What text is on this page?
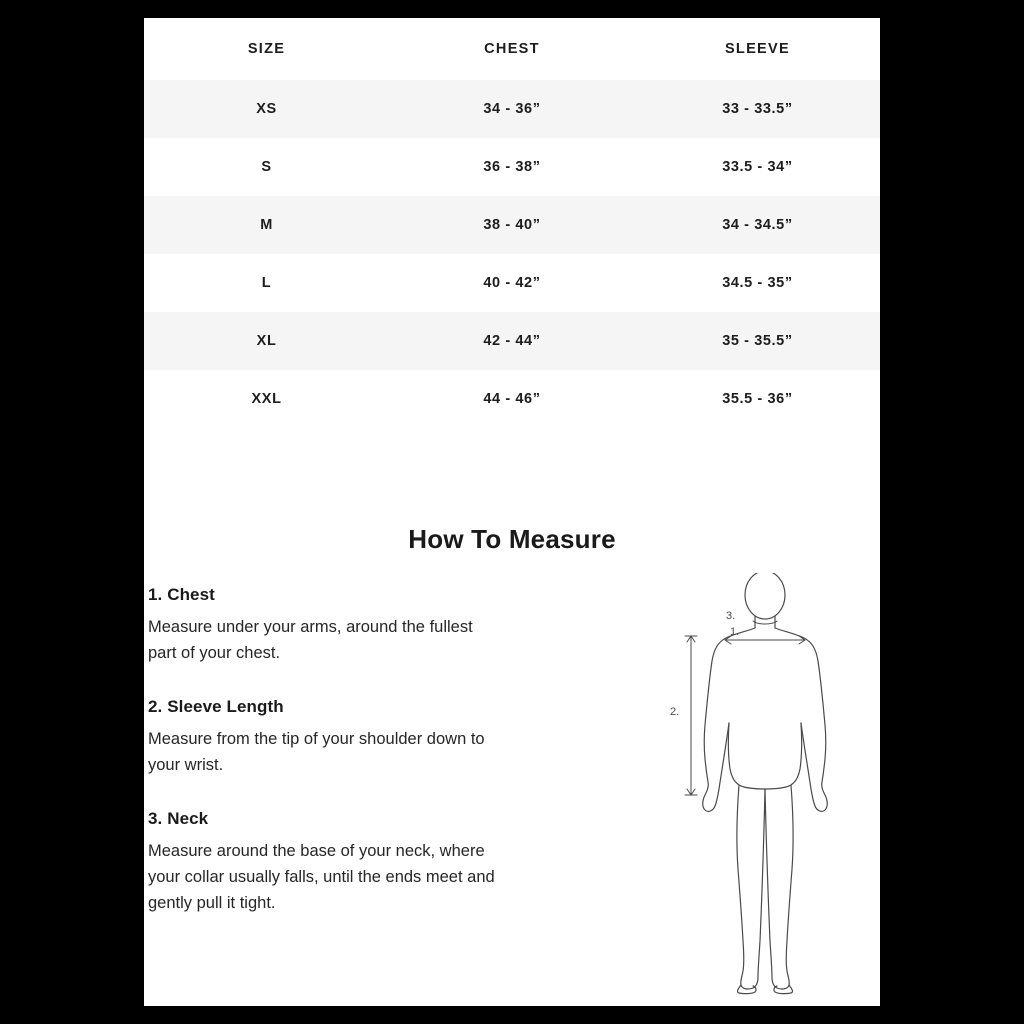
SIZE	CHEST	SLEEVE
XS	34 - 36”	33 - 33.5”
S	36 - 38”	33.5 - 34”
M	38 - 40”	34 - 34.5”
L	40 - 42”	34.5 - 35”
XL	42 - 44”	35 - 35.5”
XXL	44 - 46”	35.5 - 36”
How To Measure
1. Chest

Measure under your arms, around the fullest part of your chest.

2. Sleeve Length

Measure from the tip of your shoulder down to your wrist.

3. Neck

Measure around the base of your neck, where your collar usually falls, until the ends meet and gently pull it tight.

1.
2.
3.
